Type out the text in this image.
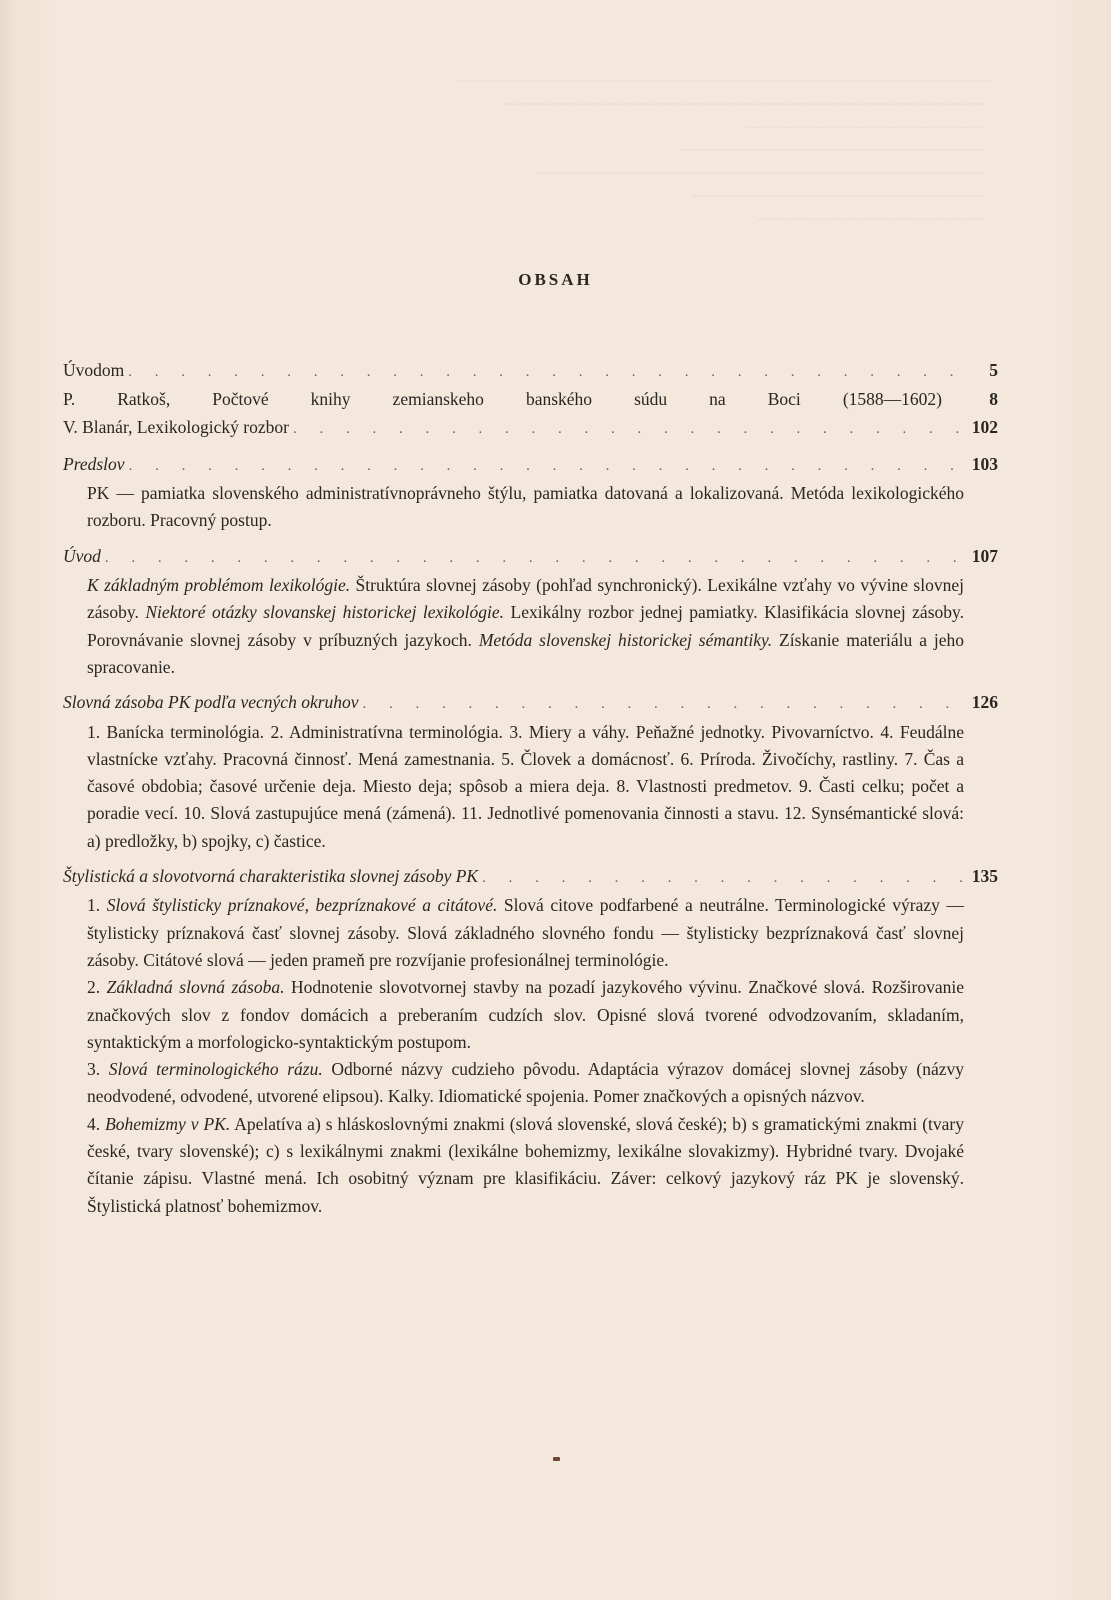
~~~~~~~~~~~~~~~~~~~~~~~~~~~~~~~~~~~~~~~~~~~~~~~~~~~~~~~~~~~~~~~~~~~~~~~~~~~~~~~~~~
~~~~~~~~~~~~~~~~~~~~~~~~~~~~~~~~~~~~~~~~~~~~~~~~~~~~~~~~~~~~~~~~~~~~~~~~~~
~~~~~~~~~~~~~~~~~~~~~~~~~~~~~~~~~~~~~
~~~~~~~~~~~~~~~~~~~~~~~~~~~~~~~~~~~~~~~~~~~~~~~
~~~~~~~~~~~~~~~~~~~~~~~~~~~~~~~~~~~~~~~~~~~~~~~~~~~~~~~~~~~~~~~~~~~~~
~~~~~~~~~~~~~~~~~~~~~~~~~~~~~~~~~~~~~~~~~~~~~
~~~~~~~~~~~~~~~~~~~~~~~~~~~~~~~~~~~
OBSAH
Úvodom . . .	5
P. Ratkoš, Počtové knihy zemianskeho banského súdu na Boci (1588—1602)	8
V. Blanár, Lexikologický rozbor . . .	102
Predslov . . .	103
PK — pamiatka slovenského administratívnoprávneho štýlu, pamiatka datovaná a lokalizovaná. Metóda lexikologického rozboru. Pracovný postup.
Úvod . . .	107
K základným problémom lexikológie. Štruktúra slovnej zásoby (pohľad synchronický). Lexikálne vzťahy vo vývine slovnej zásoby. Niektoré otázky slovanskej historickej lexikológie. Lexikálny rozbor jednej pamiatky. Klasifikácia slovnej zásoby. Porovnávanie slovnej zásoby v príbuzných jazykoch. Metóda slovenskej historickej sémantiky. Získanie materiálu a jeho spracovanie.
Slovná zásoba PK podľa vecných okruhov . . .	126
1. Banícka terminológia. 2. Administratívna terminológia. 3. Miery a váhy. Peňažné jednotky. Pivovarníctvo. 4. Feudálne vlastnícke vzťahy. Pracovná činnosť. Mená zamestnania. 5. Človek a domácnosť. 6. Príroda. Živočíchy, rastliny. 7. Čas a časové obdobia; časové určenie deja. Miesto deja; spôsob a miera deja. 8. Vlastnosti predmetov. 9. Časti celku; počet a poradie vecí. 10. Slová zastupujúce mená (zámená). 11. Jednotlivé pomenovania činnosti a stavu. 12. Synsémantické slová: a) predložky, b) spojky, c) častice.
Štylistická a slovotvorná charakteristika slovnej zásoby PK . . .	135
1. Slová štylisticky príznakové, bezpríznakové a citátové. Slová citove podfarbené a neutrálne. Terminologické výrazy — štylisticky príznaková časť slovnej zásoby. Slová základného slovného fondu — štylisticky bezpríznaková časť slovnej zásoby. Citátové slová — jeden prameň pre rozvíjanie profesionálnej terminológie.
2. Základná slovná zásoba. Hodnotenie slovotvornej stavby na pozadí jazykového vývinu. Značkové slová. Rozširovanie značkových slov z fondov domácich a preberaním cudzích slov. Opisné slová tvorené odvodzovaním, skladaním, syntaktickým a morfologicko-syntaktickým postupom.
3. Slová terminologického rázu. Odborné názvy cudzieho pôvodu. Adaptácia výrazov domácej slovnej zásoby (názvy neodvodené, odvodené, utvorené elipsou). Kalky. Idiomatické spojenia. Pomer značkových a opisných názvov.
4. Bohemizmy v PK. Apelatíva a) s hláskoslovnými znakmi (slová slovenské, slová české); b) s gramatickými znakmi (tvary české, tvary slovenské); c) s lexikálnymi znakmi (lexikálne bohemizmy, lexikálne slovakizmy). Hybridné tvary. Dvojaké čítanie zápisu. Vlastné mená. Ich osobitný význam pre klasifikáciu. Záver: celkový jazykový ráz PK je slovenský. Štylistická platnosť bohemizmov.
